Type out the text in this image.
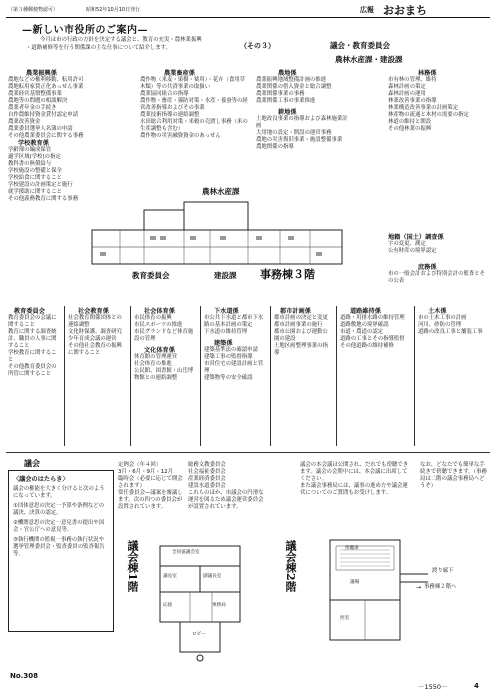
（第３種郵便物認可）	昭和52年10月10日発行	広報 おおまち
—新しい市役所のご案内—
（その３）
今月は市の行政の方針を決定する議会と、教育の充実・農林業振興
・道路補修等を行う関係課の主な仕事について紹介します。	議会・教育委員会
農林水産課・建設課
農業振興係
農地などの権利移動、転用許可
農地転用家賃正化あっせん事業
農業経営基盤整備事業
農地等の問題の相談解決
農業者年金の手続き
自作農維持資金貸付認定申請
農業改善資金
農業委員選挙人名簿の申請
その他農業委員会に関する事務
学校教育係
学齢簿の編成保管
適学区域(学校)の指定
教科書の無償給与
学校施設の整備と保全
学校給食に関すること
学校建設の計画策定と施行
就学援助に関すること
その他義務教育に関する事務
農業畜産係
農作物（米麦・果樹・薬用）・花卉（食用草木類）等の共済事業の取扱い
農業協同組合の指導
農作物・畜産・霧防対策・水産・養蚕等の経営改善指導およびその事業
農業技術指導の連絡調整
水田総合利用対策・米穀の売渡し事務（米の生産調整も含む）
農作物の災害融資資金のあっせん
農地係
農業振興地域整備計画の推進
農業関係の借入資金と総合調整
農業関係事業の事務
農業関係工事の事業推進
耕地係
土地改良事業の指導および森林施業計画
大用地の設定・開設の運営事務
農地の災害復旧事業・施設整備事業
農地関係の指導
林務係
市有林の管理、維持
森林計画の策定
森林計画の運用
林業改善事業の指導
林業構造改善事業の計画策定
林産物の流通と木材の需要の指定
林道の維持と開設
その他林業の振興
地籍（国土）調査係
字の変更、測定
公有財産の境界認定
庶務係
市の一般会計および特別会計の監査とその公表
農林水産課
教育委員会	建設課 事務棟３階
教育委員会
教育委員会の会議に関すること
教育に関する調査統計、職員の人事に関すること
学校教育に関すること
その他教育委員会の所管に関すること
社会教育係
社会教育関係団体との連絡調整
文化財保護、調査研究
少年育成会議の運営
その他社会教育の振興に関すること
社会体育係
市民体育の振興
市民スポーツの推進
市民グランドなど体育施設の管理
文化体育係
体育館の管理運営
社会体育の推進
公民館、図書館・山岳博物館との連絡調整
下水道係
市公共下水道と都市下水路の基本計画の策定
下水道の維持管理
建築係
建築基準法の確認申請
建築工事の監督指導
市営住宅の建設計画と管理
建築物等の安全確認
都市計画係
都市計画の決定と変更
都市計画事業の施行
都市公園および運動公園の建設
土地区画整理事業の指導
道路維持係
道路・用排水路の維持管理
道路敷地の境界確認
市道・農道の認定
道路の工事とその指導監督
その他道路の維持補修
土木係
市の土木工事の計画
河川、砂防の管理
道路の改良工事と舗装工事
議会
〈議会のはたらき〉
議会の権能を大きく分けると次のようになっています。
①団体意思の決定一予算や条例などの議決、決算の認定。
②機関意思の決定一意見書の提出や国会・官公庁への意見等。
③執行機関の監視一事務の執行状況や選挙管理委員会・監査委員の監査報告等。
定例会（年４回）
3月・6月・9月・12月
臨時会（必要に応じて開会されます）
常任委員会—議案を審議します。次の四つの委員会が設置されています。
総務文教委員会
社会福祉委員会
産業経済委員会
建設水道委員会
これらのほか、市議会の円滑な運営を図るため議会運営委員会が設置されています。
議会の本会議は公開され、だれでも傍聴できます。議会の会期中には、本会議に出席してください。
また議会事務局には、議事の進め方や議会運営についてのご質問もお受けします。
なお、どなたでも簡単な手続きで傍聴できます。（事務局は二階の議会事務局へどうぞ）
議会棟1階	全員協議会室
議長室	副議長室
ロビー
応接	事務局
議会棟2階	傍聴席
議場
控室
渡り廊下
事務棟２階へ
→
No.308
－1550－	4
